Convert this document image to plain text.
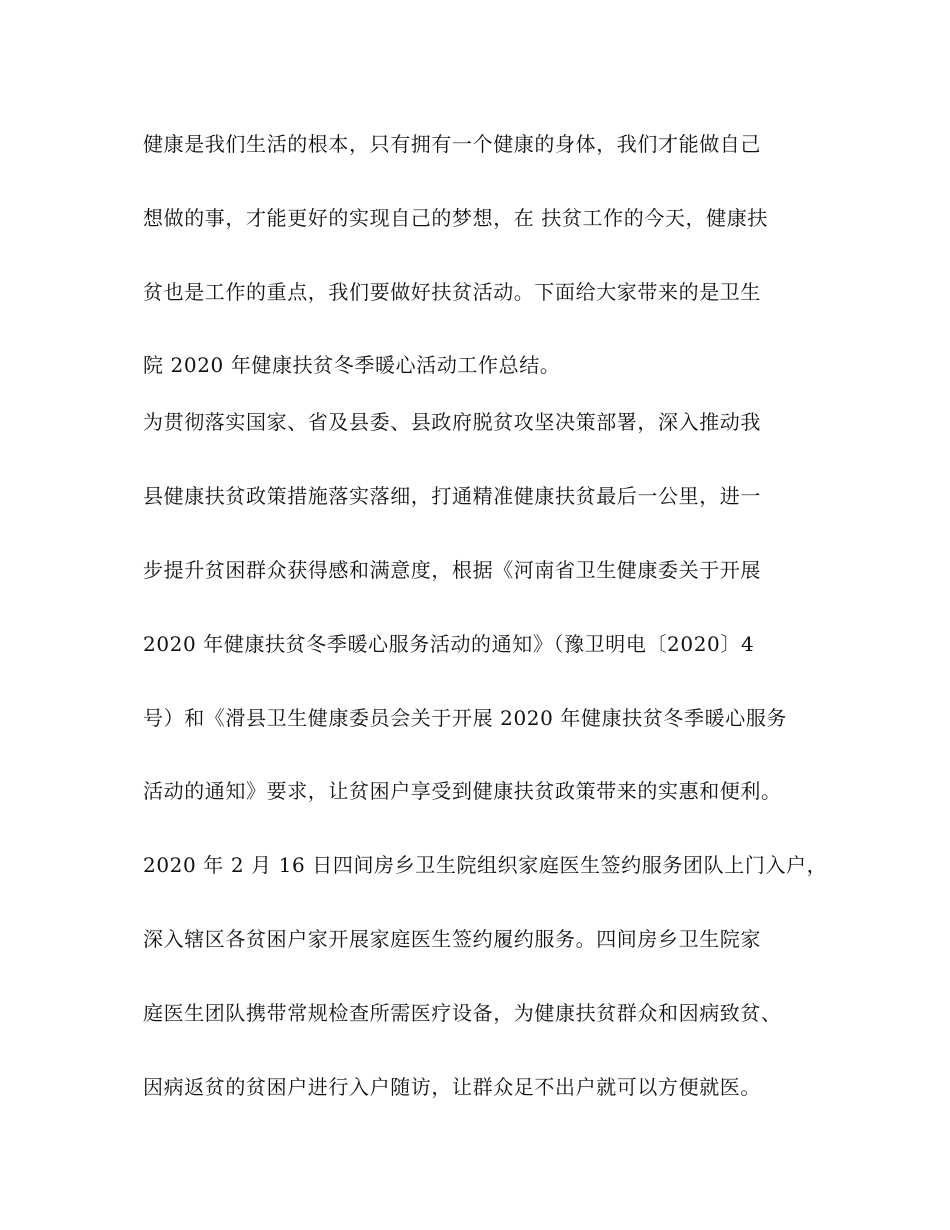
健康是我们生活的根本，只有拥有一个健康的身体，我们才能做自己

想做的事，才能更好的实现自己的梦想，在 扶贫工作的今天，健康扶

贫也是工作的重点，我们要做好扶贫活动。下面给大家带来的是卫生

院 2020 年健康扶贫冬季暖心活动工作总结。

为贯彻落实国家、省及县委、县政府脱贫攻坚决策部署，深入推动我

县健康扶贫政策措施落实落细，打通精准健康扶贫最后一公里，进一

步提升贫困群众获得感和满意度，根据《河南省卫生健康委关于开展

2020 年健康扶贫冬季暖心服务活动的通知》（豫卫明电〔2020〕4

号）和《滑县卫生健康委员会关于开展 2020 年健康扶贫冬季暖心服务

活动的通知》要求，让贫困户享受到健康扶贫政策带来的实惠和便利。

2020 年 2 月 16 日四间房乡卫生院组织家庭医生签约服务团队上门入户，

深入辖区各贫困户家开展家庭医生签约履约服务。四间房乡卫生院家

庭医生团队携带常规检查所需医疗设备，为健康扶贫群众和因病致贫、

因病返贫的贫困户进行入户随访，让群众足不出户就可以方便就医。
